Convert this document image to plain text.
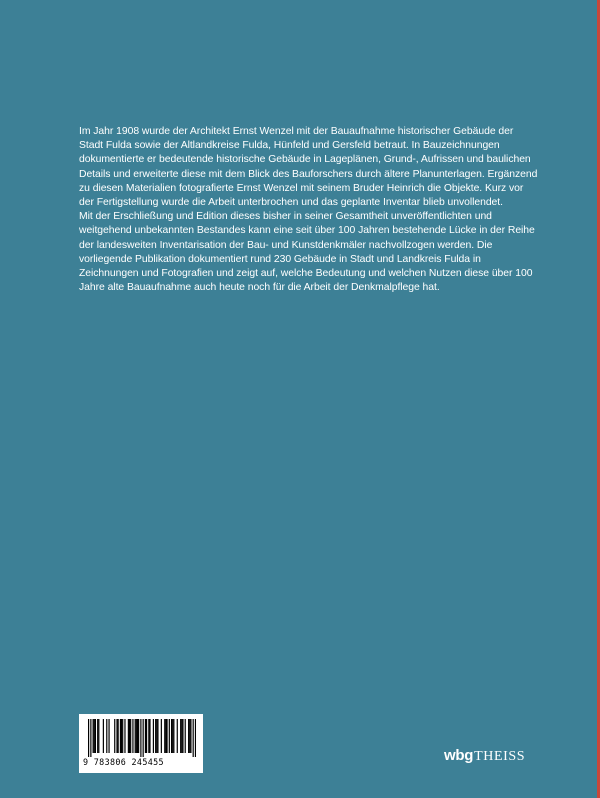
Im Jahr 1908 wurde der Architekt Ernst Wenzel mit der Bauaufnahme historischer Gebäude der Stadt Fulda sowie der Altlandkreise Fulda, Hünfeld und Gersfeld betraut. In Bauzeichnungen dokumentierte er bedeutende historische Gebäude in Lageplänen, Grund-, Aufrissen und baulichen Details und erweiterte diese mit dem Blick des Bauforschers durch ältere Planunterlagen. Ergänzend zu diesen Materialien fotografierte Ernst Wenzel mit seinem Bruder Heinrich die Objekte. Kurz vor der Fertigstellung wurde die Arbeit unterbrochen und das geplante Inventar blieb unvollendet.

Mit der Erschließung und Edition dieses bisher in seiner Gesamtheit unveröffentlichten und weitgehend unbekannten Bestandes kann eine seit über 100 Jahren bestehende Lücke in der Reihe der landesweiten Inventarisation der Bau- und Kunstdenkmäler nachvollzogen werden. Die vorliegende Publikation dokumentiert rund 230 Gebäude in Stadt und Landkreis Fulda in Zeichnungen und Fotografien und zeigt auf, welche Bedeutung und welchen Nutzen diese über 100 Jahre alte Bauaufnahme auch heute noch für die Arbeit der Denkmalpflege hat.

9 783806 245455	wbgTHEISS
